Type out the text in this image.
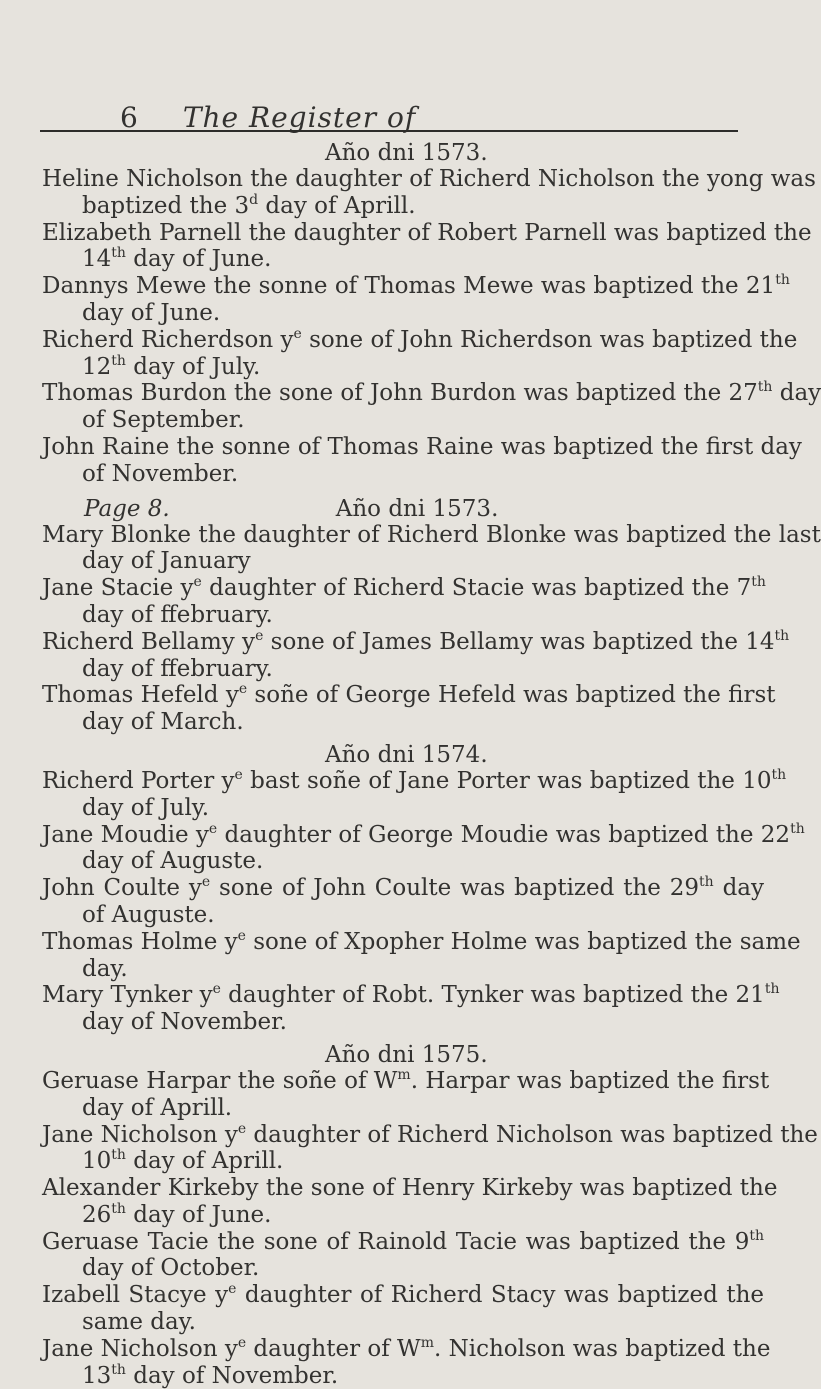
6 The Register of
Año dni 1573.

Heline Nicholson the daughter of Richerd Nicholson the yong was
baptized the 3$^d$ day of Aprill.

Elizabeth Parnell the daughter of Robert Parnell was baptized the
14th day of June.

Dannys Mewe the sonne of Thomas Mewe was baptized the 21th
day of June.

Richerd Richerdson $y^e$ sone of John Richerdson was baptized the
12th day of July.

Thomas Burdon the sone of John Burdon was baptized the 27th day
of September.

John Raine the sonne of Thomas Raine was baptized the first day
of November.

Page 8.	Año dni 1573.

Mary Blonke the daughter of Richerd Blonke was baptized the last
day of January

Jane Stacie $y^e$ daughter of Richerd Stacie was baptized the 7th
day of ffebruary.

Richerd Bellamy $y^e$ sone of James Bellamy was baptized the 14th
day of ffebruary.

Thomas Hefeld $y^e$ soñe of George Hefeld was baptized the first
day of March.

Año dni 1574.

Richerd Porter $y^e$ bast soñe of Jane Porter was baptized the 10th
day of July.

Jane Moudie $y^e$ daughter of George Moudie was baptized the 22th
day of Auguste.

John Coulte $y^e$ sone of John Coulte was baptized the 29th day
of Auguste.

Thomas Holme $y^e$ sone of Xpopher Holme was baptized the same
day.

Mary Tynker $y^e$ daughter of Robt. Tynker was baptized the 21th
day of November.

Año dni 1575.

Geruase Harpar the soñe of $W^m$. Harpar was baptized the first
day of Aprill.

Jane Nicholson $y^e$ daughter of Richerd Nicholson was baptized the
10th day of Aprill.

Alexander Kirkeby the sone of Henry Kirkeby was baptized the
26th day of June.

Geruase Tacie the sone of Rainold Tacie was baptized the 9th
day of October.

Izabell Stacye $y^e$ daughter of Richerd Stacy was baptized the
same day.

Jane Nicholson $y^e$ daughter of $W^m$. Nicholson was baptized the
13th day of November.
